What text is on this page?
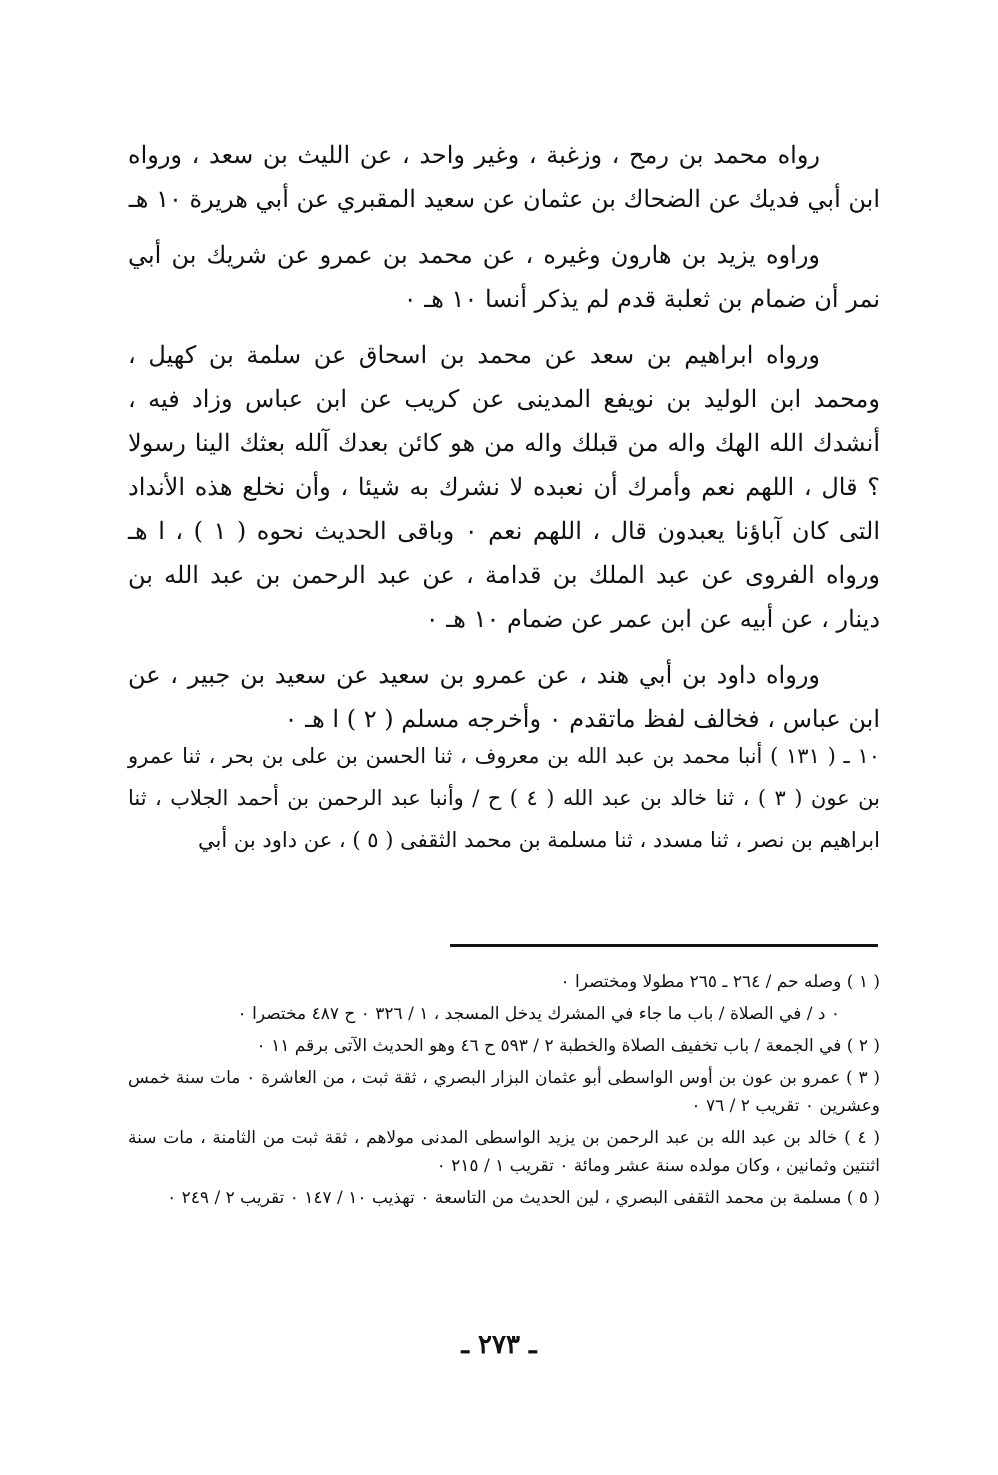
رواه محمد بن رمح ، وزغبة ، وغير واحد ، عن الليث بن سعد ، ورواه ابن أبي فديك عن الضحاك بن عثمان عن سعيد المقبري عن أبي هريرة ١٠ هـ

وراوه يزيد بن هارون وغيره ، عن محمد بن عمرو عن شريك بن أبي نمر أن ضمام بن ثعلبة قدم لم يذكر أنسا ١٠ هـ ٠

ورواه ابراهيم بن سعد عن محمد بن اسحاق عن سلمة بن كهيل ، ومحمد ابن الوليد بن نويفع المدينى عن كريب عن ابن عباس وزاد فيه ، أنشدك الله الهك واله من قبلك واله من هو كائن بعدك آلله بعثك الينا رسولا ؟ قال ، اللهم نعم وأمرك أن نعبده لا نشرك به شيئا ، وأن نخلع هذه الأنداد التى كان آباؤنا يعبدون قال ، اللهم نعم ٠ وباقى الحديث نحوه ( ١ ) ، ا هـ ورواه الفروى عن عبد الملك بن قدامة ، عن عبد الرحمن بن عبد الله بن دينار ، عن أبيه عن ابن عمر عن ضمام ١٠ هـ ٠

ورواه داود بن أبي هند ، عن عمرو بن سعيد عن سعيد بن جبير ، عن ابن عباس ، فخالف لفظ ماتقدم ٠ وأخرجه مسلم ( ٢ ) ا هـ ٠

١٠ ـ ( ١٣١ ) أنبا محمد بن عبد الله بن معروف ، ثنا الحسن بن على بن بحر ، ثنا عمرو بن عون ( ٣ ) ، ثنا خالد بن عبد الله ( ٤ ) ح / وأنبا عبد الرحمن بن أحمد الجلاب ، ثنا ابراهيم بن نصر ، ثنا مسدد ، ثنا مسلمة بن محمد الثقفى ( ٥ ) ، عن داود بن أبي

( ١ ) وصله حم / ٢٦٤ ـ ٢٦٥ مطولا ومختصرا ٠

٠ د / في الصلاة / باب ما جاء في المشرك يدخل المسجد ، ١ / ٣٢٦ ٠ ح ٤٨٧ مختصرا ٠

( ٢ ) في الجمعة / باب تخفيف الصلاة والخطبة ٢ / ٥٩٣ ح ٤٦ وهو الحديث الآتى برقم ١١ ٠

( ٣ ) عمرو بن عون بن أوس الواسطى أبو عثمان البزار البصري ، ثقة ثبت ، من العاشرة ٠ مات سنة خمس وعشرين ٠ تقريب ٢ / ٧٦ ٠

( ٤ ) خالد بن عبد الله بن عبد الرحمن بن يزيد الواسطى المدنى مولاهم ، ثقة ثبت من الثامنة ، مات سنة اثنتين وثمانين ، وكان مولده سنة عشر ومائة ٠ تقريب ١ / ٢١٥ ٠

( ٥ ) مسلمة بن محمد الثقفى البصري ، لين الحديث من التاسعة ٠ تهذيب ١٠ / ١٤٧ ٠ تقريب ٢ / ٢٤٩ ٠

ـ ٢٧٣ ـ
